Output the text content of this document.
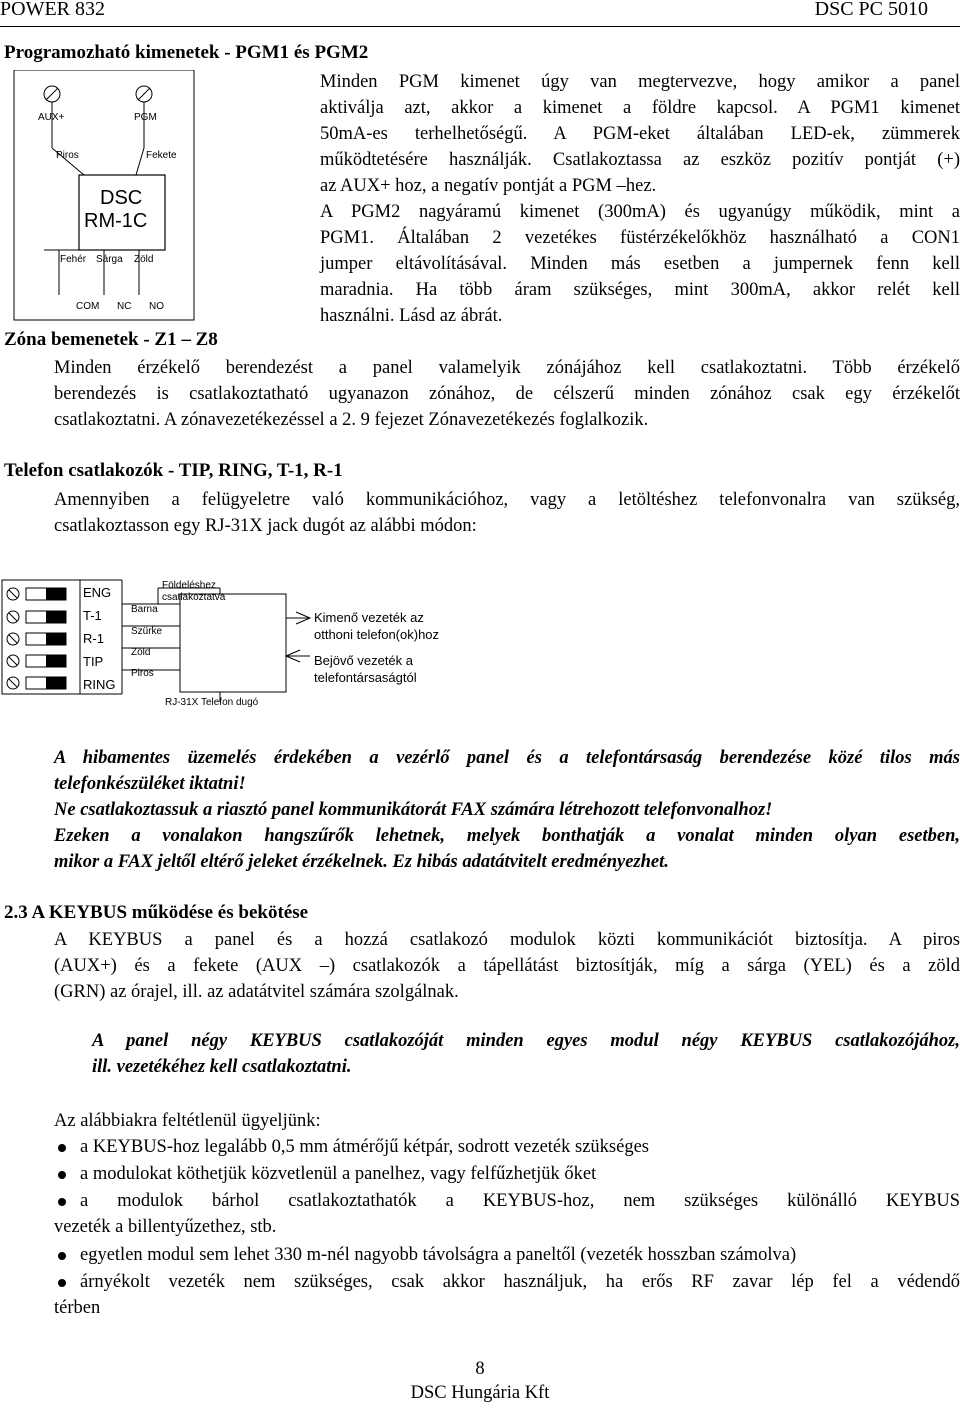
POWER 832	DSC PC 5010
Programozható kimenetek - PGM1 és PGM2
AUX+	PGM
Piros	Fekete
DSC
RM-1C
Fehér Sárga Zöld
COM NC NO
Minden PGM kimenet úgy van megtervezve, hogy amikor a panel
aktiválja azt, akkor a kimenet a földre kapcsol. A PGM1 kimenet
50mA-es terhelhetőségű. A PGM-eket általában LED-ek, zümmerek
működtetésére használják. Csatlakoztassa az eszköz pozitív pontját (+)
az AUX+ hoz, a negatív pontját a PGM –hez.
A PGM2 nagyáramú kimenet (300mA) és ugyanúgy működik, mint a
PGM1. Általában 2 vezetékes füstérzékelőkhöz használható a CON1
jumper eltávolításával. Minden más esetben a jumpernek fenn kell
maradnia. Ha több áram szükséges, mint 300mA, akkor relét kell
használni. Lásd az ábrát.
Zóna bemenetek - Z1 – Z8
Minden érzékelő berendezést a panel valamelyik zónájához kell csatlakoztatni. Több érzékelő
berendezés is csatlakoztatható ugyanazon zónához, de célszerű minden zónához csak egy érzékelőt
csatlakoztatni. A zónavezetékezéssel a 2. 9 fejezet Zónavezetékezés foglalkozik.
Telefon csatlakozók - TIP, RING, T-1, R-1
Amennyiben a felügyeletre való kommunikációhoz, vagy a letöltéshez telefonvonalra van szükség,
csatlakoztasson egy RJ-31X jack dugót az alábbi módon:
ENG
T-1
R-1
TIP
RING
Barna
Szürke
Zöld
Piros
Földeléshez
csatlakoztatva
Kimenő vezeték az
otthoni telefon(ok)hoz
Bejövő vezeték a
telefontársaságtól
RJ-31X Telefon dugó
A hibamentes üzemelés érdekében a vezérlő panel és a telefontársaság berendezése közé tilos más
telefonkészüléket iktatni!
Ne csatlakoztassuk a riasztó panel kommunikátorát FAX számára létrehozott telefonvonalhoz!
Ezeken a vonalakon hangszűrők lehetnek, melyek bonthatják a vonalat minden olyan esetben,
mikor a FAX jeltől eltérő jeleket érzékelnek. Ez hibás adatátvitelt eredményezhet.
2.3 A KEYBUS működése és bekötése
A KEYBUS a panel és a hozzá csatlakozó modulok közti kommunikációt biztosítja. A piros
(AUX+) és a fekete (AUX –) csatlakozók a tápellátást biztosítják, míg a sárga (YEL) és a zöld
(GRN) az órajel, ill. az adatátvitel számára szolgálnak.
A panel négy KEYBUS csatlakozóját minden egyes modul négy KEYBUS csatlakozójához,
ill. vezetékéhez kell csatlakoztatni.
Az alábbiakra feltétlenül ügyeljünk:
a KEYBUS-hoz legalább 0,5 mm átmérőjű kétpár, sodrott vezeték szükséges
a modulokat köthetjük közvetlenül a panelhez, vagy felfűzhetjük őket
a modulok bárhol csatlakoztathatók a KEYBUS-hoz, nem szükséges különálló KEYBUS
vezeték a billentyűzethez, stb.
egyetlen modul sem lehet 330 m-nél nagyobb távolságra a paneltől (vezeték hosszban számolva)
árnyékolt vezeték nem szükséges, csak akkor használjuk, ha erős RF zavar lép fel a védendő
térben
8
DSC Hungária Kft
